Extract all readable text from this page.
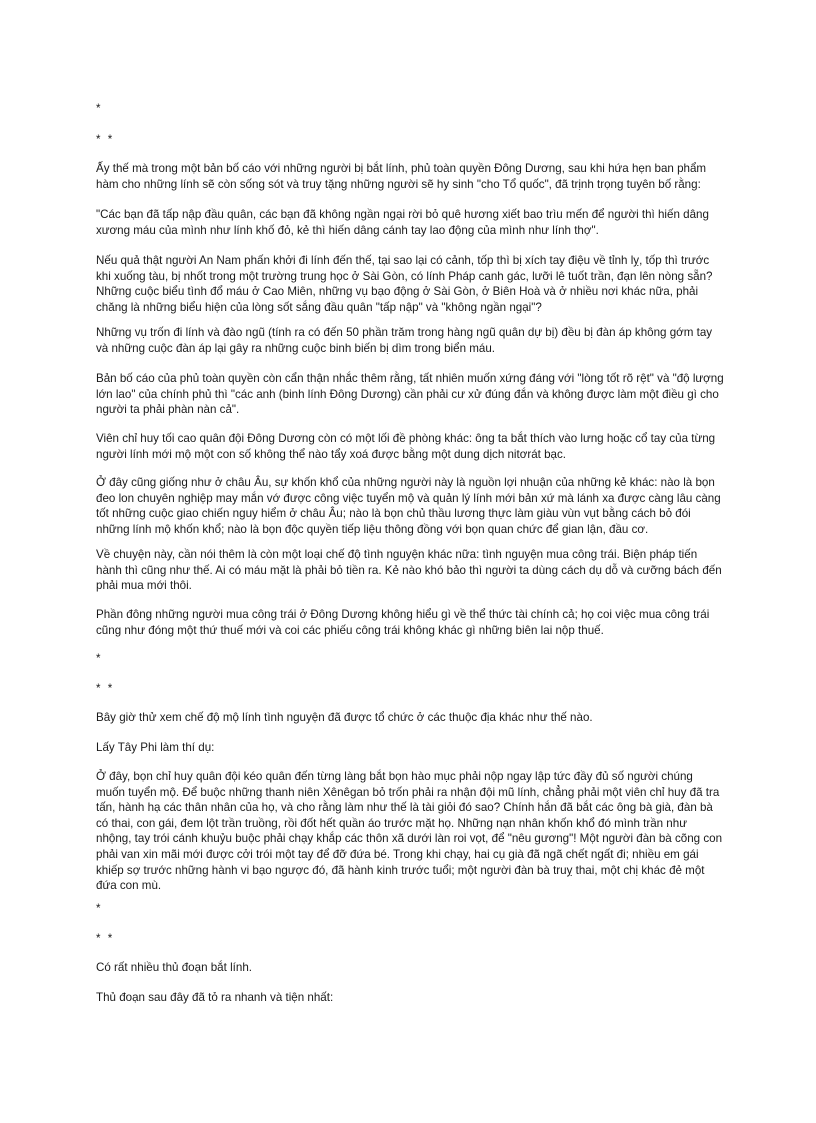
*
* *

Ấy thế mà trong một bản bố cáo với những người bị bắt lính, phủ toàn quyền Đông Dương, sau khi hứa hẹn ban phẩm hàm cho những lính sẽ còn sống sót và truy tặng những người sẽ hy sinh "cho Tổ quốc", đã trịnh trọng tuyên bố rằng:

"Các bạn đã tấp nập đầu quân, các bạn đã không ngần ngại rời bỏ quê hương xiết bao trìu mến để người thì hiến dâng xương máu của mình như lính khố đỏ, kẻ thì hiến dâng cánh tay lao động của mình như lính thợ".

Nếu quả thật người An Nam phấn khởi đi lính đến thế, tại sao lại có cảnh, tốp thì bị xích tay điệu về tỉnh lỵ, tốp thì trước khi xuống tàu, bị nhốt trong một trường trung học ở Sài Gòn, có lính Pháp canh gác, lưỡi lê tuốt trần, đạn lên nòng sẵn? Những cuộc biểu tình đổ máu ở Cao Miên, những vụ bạo động ở Sài Gòn, ở Biên Hoà và ở nhiều nơi khác nữa, phải chăng là những biểu hiện của lòng sốt sắng đầu quân "tấp nập" và "không ngần ngại"?

Những vụ trốn đi lính và đào ngũ (tính ra có đến 50 phần trăm trong hàng ngũ quân dự bị) đều bị đàn áp không gớm tay và những cuộc đàn áp lại gây ra những cuộc binh biến bị dìm trong biển máu.

Bản bố cáo của phủ toàn quyền còn cẩn thận nhắc thêm rằng, tất nhiên muốn xứng đáng với "lòng tốt rõ rệt" và "độ lượng lớn lao" của chính phủ thì "các anh (binh lính Đông Dương) cần phải cư xử đúng đắn và không được làm một điều gì cho người ta phải phàn nàn cả".

Viên chỉ huy tối cao quân đội Đông Dương còn có một lối đề phòng khác: ông ta bắt thích vào lưng hoặc cổ tay của từng người lính mới mộ một con số không thể nào tẩy xoá được bằng một dung dịch nitơrát bạc.

Ở đây cũng giống như ở châu Âu, sự khốn khổ của những người này là nguồn lợi nhuận của những kẻ khác: nào là bọn đeo lon chuyên nghiệp may mắn vớ được công việc tuyển mộ và quản lý lính mới bản xứ mà lánh xa được càng lâu càng tốt những cuộc giao chiến nguy hiểm ở châu Âu; nào là bọn chủ thầu lương thực làm giàu vùn vụt bằng cách bỏ đói những lính mộ khốn khổ; nào là bọn độc quyền tiếp liệu thông đồng với bọn quan chức để gian lận, đầu cơ.

Về chuyện này, cần nói thêm là còn một loại chế độ tình nguyện khác nữa: tình nguyện mua công trái. Biện pháp tiến hành thì cũng như thế. Ai có máu mặt là phải bỏ tiền ra. Kẻ nào khó bảo thì người ta dùng cách dụ dỗ và cưỡng bách đến phải mua mới thôi.

Phần đông những người mua công trái ở Đông Dương không hiểu gì về thể thức tài chính cả; họ coi việc mua công trái cũng như đóng một thứ thuế mới và coi các phiếu công trái không khác gì những biên lai nộp thuế.

*
* *

Bây giờ thử xem chế độ mộ lính tình nguyện đã được tổ chức ở các thuộc địa khác như thế nào.

Lấy Tây Phi làm thí dụ:

Ở đây, bọn chỉ huy quân đội kéo quân đến từng làng bắt bọn hào mục phải nộp ngay lập tức đầy đủ số người chúng muốn tuyển mộ. Để buộc những thanh niên Xênêgan bỏ trốn phải ra nhận đội mũ lính, chẳng phải một viên chỉ huy đã tra tấn, hành hạ các thân nhân của họ, và cho rằng làm như thế là tài giỏi đó sao? Chính hắn đã bắt các ông bà già, đàn bà có thai, con gái, đem lột trần truồng, rồi đốt hết quần áo trước mặt họ. Những nạn nhân khốn khổ đó mình trần như nhộng, tay trói cánh khuỷu buộc phải chạy khắp các thôn xã dưới làn roi vọt, để "nêu gương"! Một người đàn bà cõng con phải van xin mãi mới được cởi trói một tay để đỡ đứa bé. Trong khi chạy, hai cụ già đã ngã chết ngất đi; nhiều em gái khiếp sợ trước những hành vi bạo ngược đó, đã hành kinh trước tuổi; một người đàn bà truỵ thai, một chị khác đẻ một đứa con mù.

*
* *

Có rất nhiều thủ đoạn bắt lính.

Thủ đoạn sau đây đã tỏ ra nhanh và tiện nhất:
